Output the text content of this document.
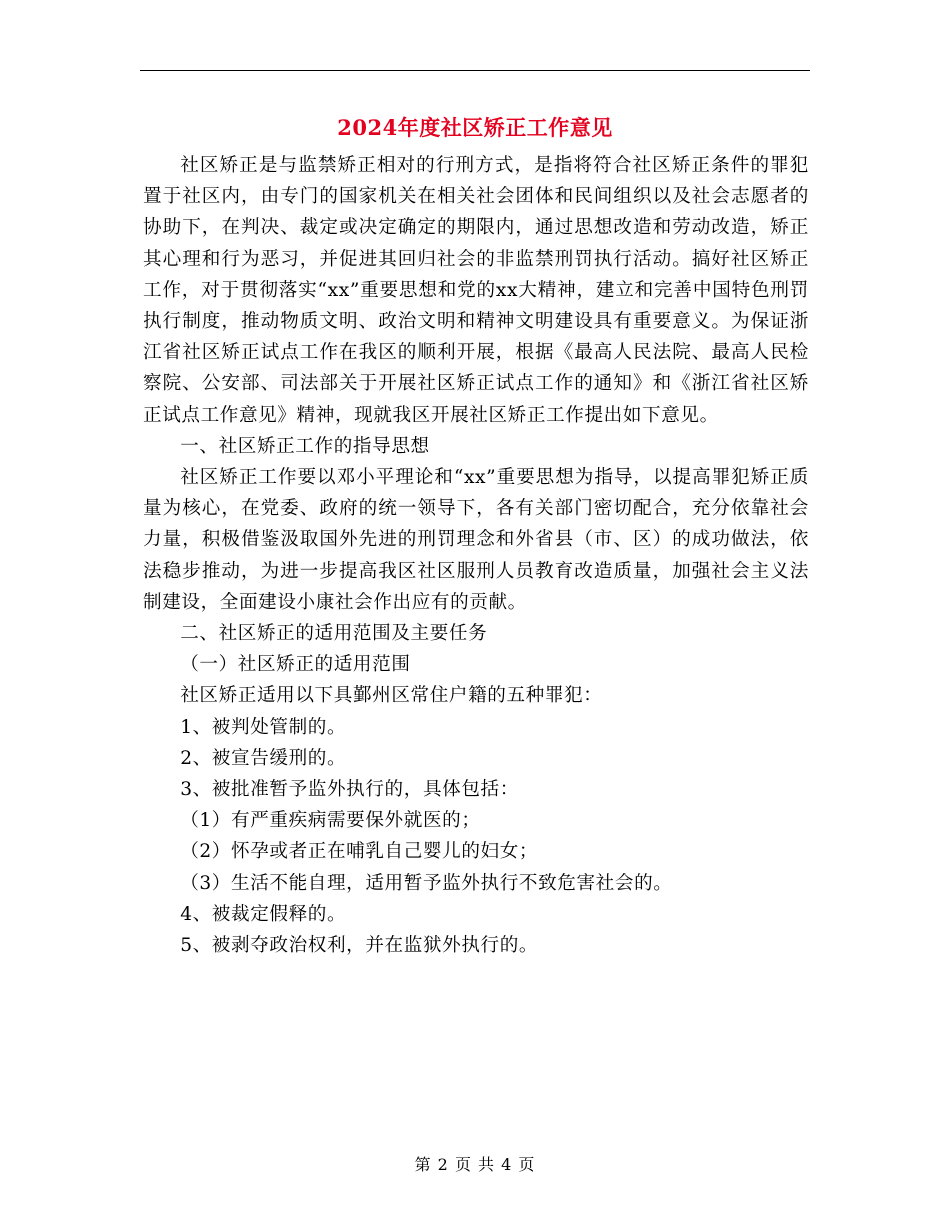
2024年度社区矫正工作意见

社区矫正是与监禁矫正相对的行刑方式，是指将符合社区矫正条件的罪犯置于社区内，由专门的国家机关在相关社会团体和民间组织以及社会志愿者的协助下，在判决、裁定或决定确定的期限内，通过思想改造和劳动改造，矫正其心理和行为恶习，并促进其回归社会的非监禁刑罚执行活动。搞好社区矫正工作，对于贯彻落实“xx”重要思想和党的xx大精神，建立和完善中国特色刑罚执行制度，推动物质文明、政治文明和精神文明建设具有重要意义。为保证浙江省社区矫正试点工作在我区的顺利开展，根据《最高人民法院、最高人民检察院、公安部、司法部关于开展社区矫正试点工作的通知》和《浙江省社区矫正试点工作意见》精神，现就我区开展社区矫正工作提出如下意见。

一、社区矫正工作的指导思想

社区矫正工作要以邓小平理论和“xx”重要思想为指导，以提高罪犯矫正质量为核心，在党委、政府的统一领导下，各有关部门密切配合，充分依靠社会力量，积极借鉴汲取国外先进的刑罚理念和外省县（市、区）的成功做法，依法稳步推动，为进一步提高我区社区服刑人员教育改造质量，加强社会主义法制建设，全面建设小康社会作出应有的贡献。

二、社区矫正的适用范围及主要任务

（一）社区矫正的适用范围

社区矫正适用以下具鄞州区常住户籍的五种罪犯：

1、被判处管制的。

2、被宣告缓刑的。

3、被批准暂予监外执行的，具体包括：

（1）有严重疾病需要保外就医的；

（2）怀孕或者正在哺乳自己婴儿的妇女；

（3）生活不能自理，适用暂予监外执行不致危害社会的。

4、被裁定假释的。

5、被剥夺政治权利，并在监狱外执行的。

第 2 页 共 4 页
